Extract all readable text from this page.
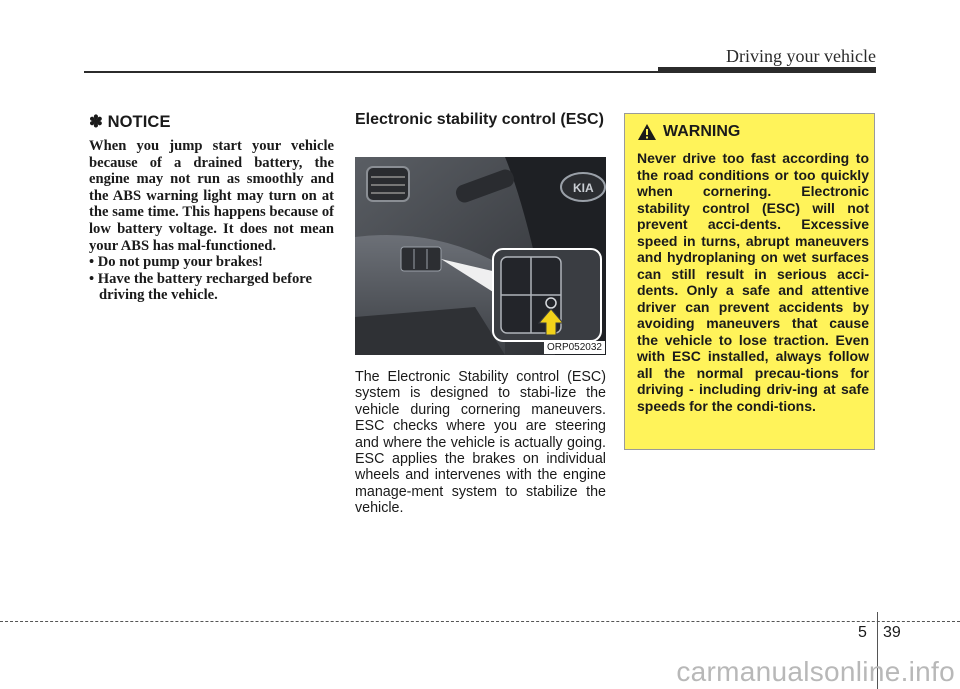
Driving your vehicle
✽ NOTICE

When you jump start your vehicle because of a drained battery, the engine may not run as smoothly and the ABS warning light may turn on at the same time. This happens because of low battery voltage. It does not mean your ABS has mal-functioned.

• Do not pump your brakes!
• Have the battery recharged before driving the vehicle.
Electronic stability control (ESC)
KIA
ORP052032

The Electronic Stability control (ESC) system is designed to stabi-lize the vehicle during cornering maneuvers. ESC checks where you are steering and where the vehicle is actually going. ESC applies the brakes on individual wheels and intervenes with the engine manage-ment system to stabilize the vehicle.

WARNING

Never drive too fast according to the road conditions or too quickly when cornering. Electronic stability control (ESC) will not prevent acci-dents. Excessive speed in turns, abrupt maneuvers and hydroplaning on wet surfaces can still result in serious acci-dents. Only a safe and attentive driver can prevent accidents by avoiding maneuvers that cause the vehicle to lose traction. Even with ESC installed, always follow all the normal precau-tions for driving - including driv-ing at safe speeds for the condi-tions.

5 39
carmanualsonline.info
